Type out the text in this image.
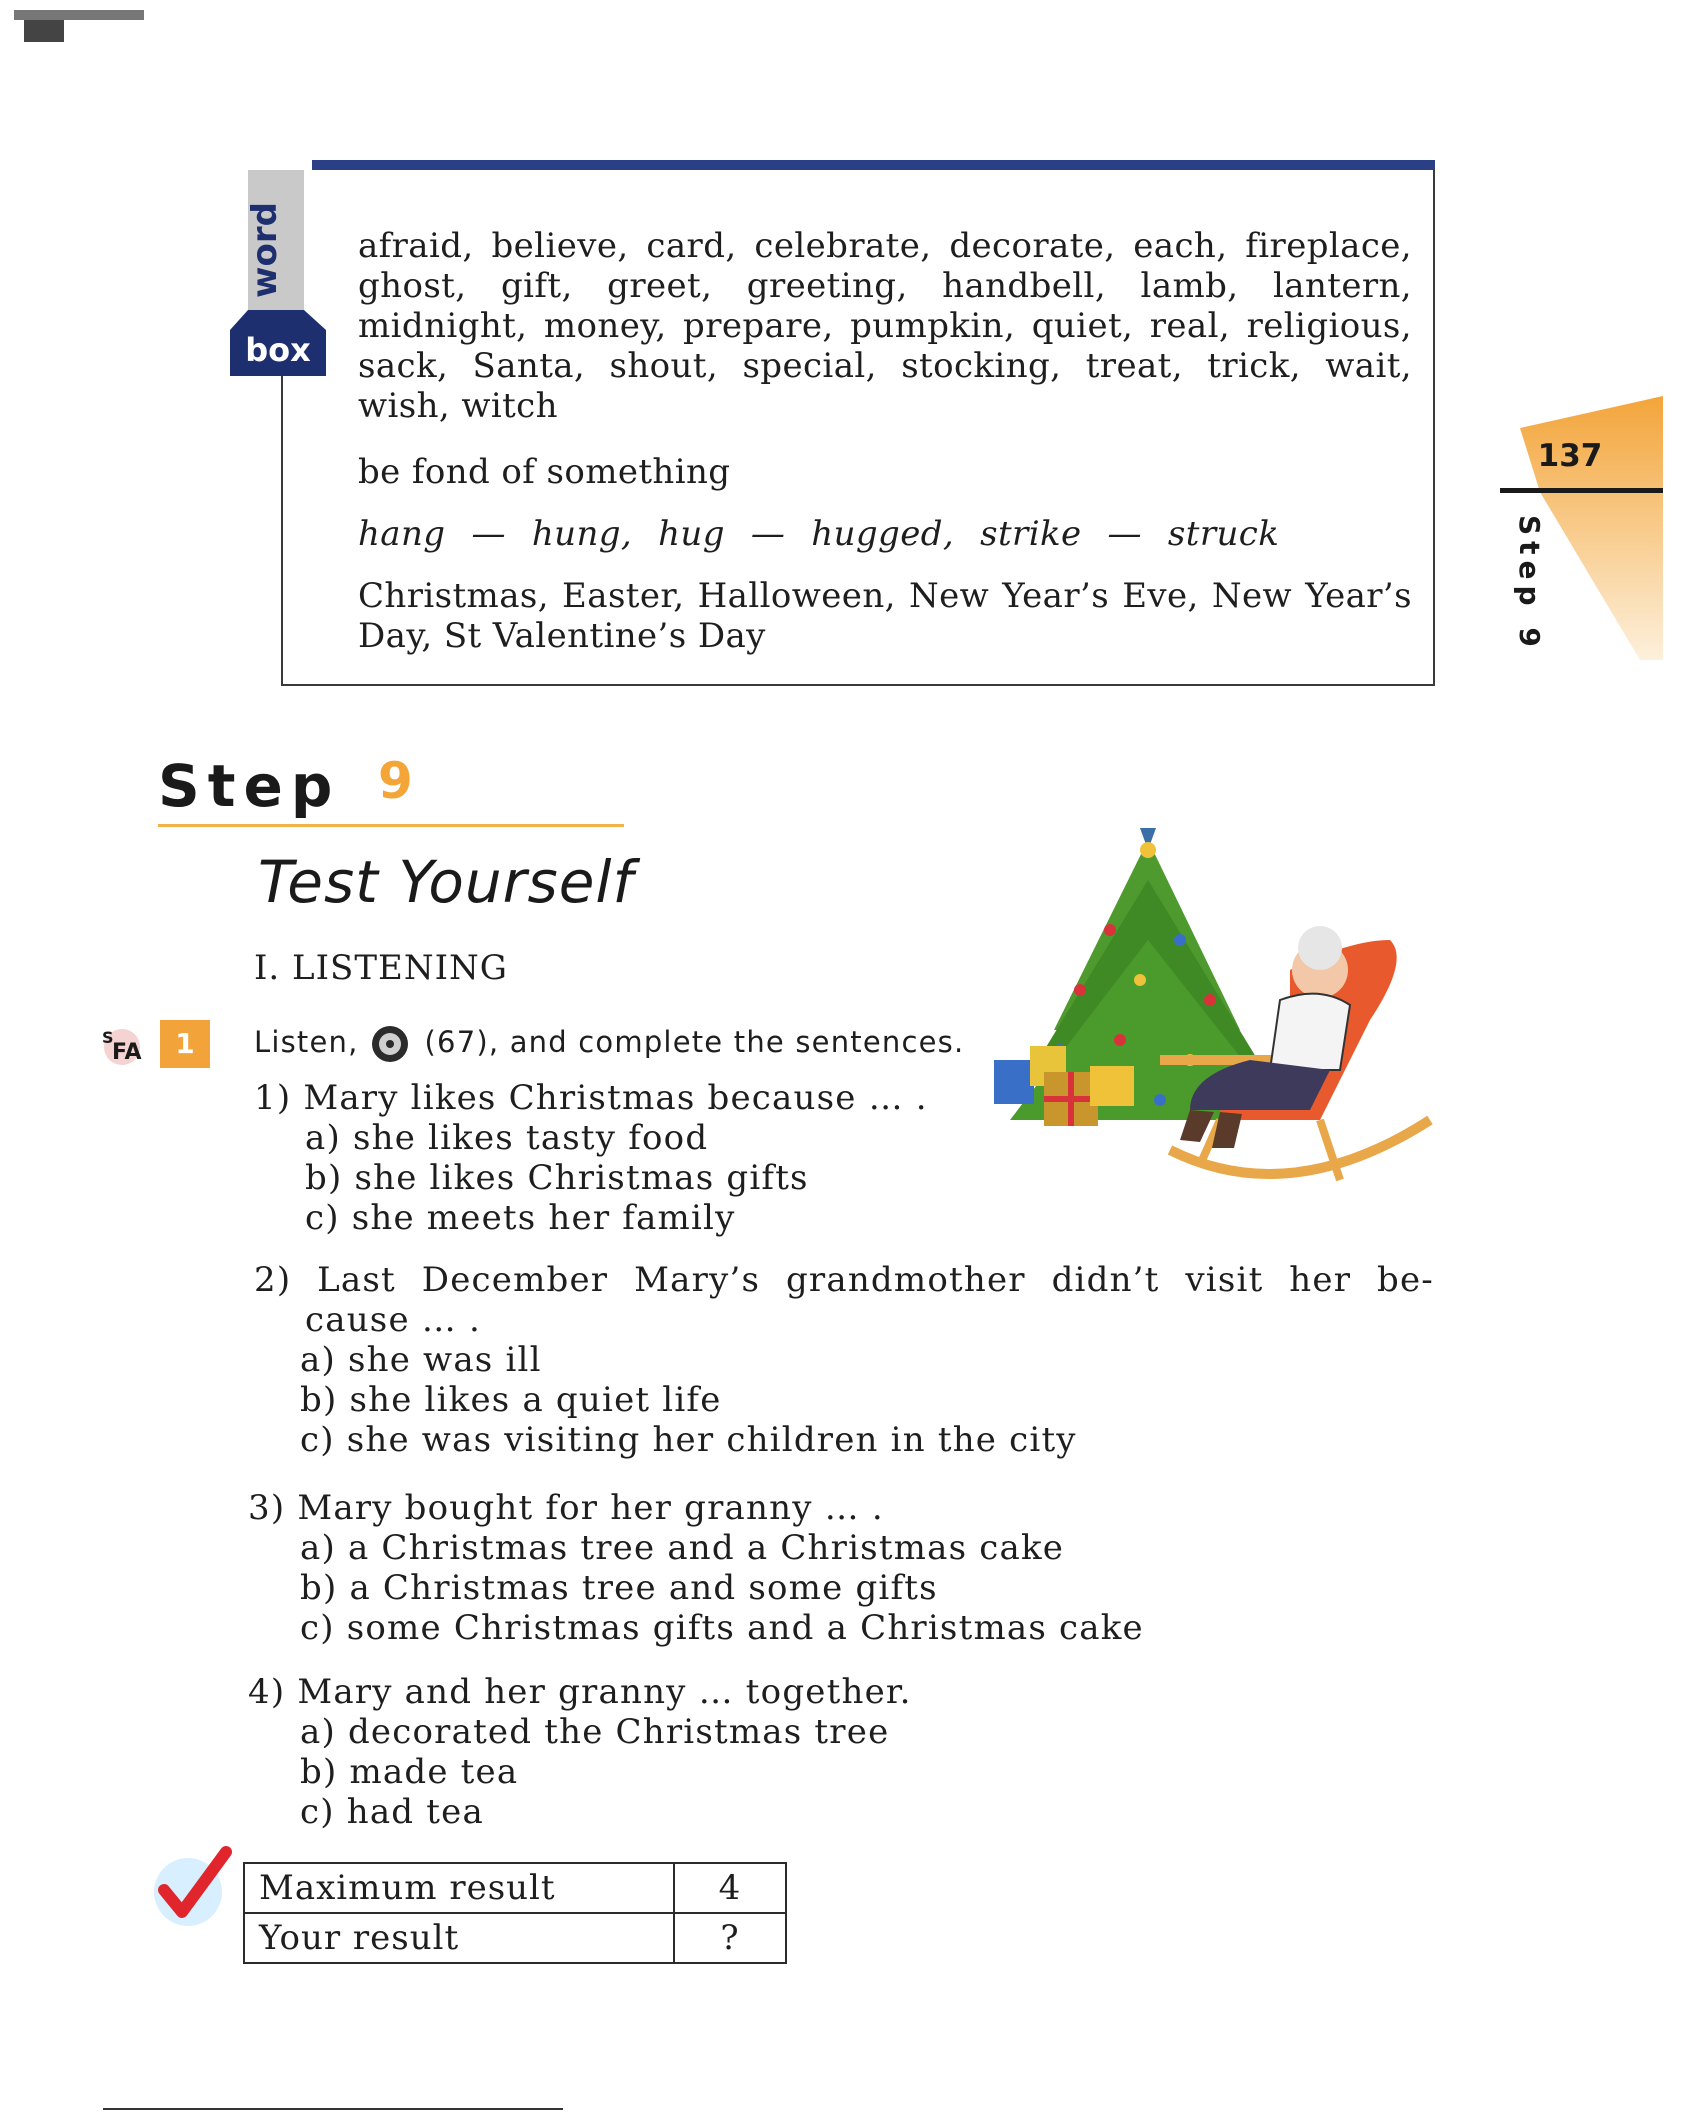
word
box
afraid, believe, card, celebrate, decorate, each, fireplace, ghost, gift, greet, greeting, handbell, lamb, lantern, midnight, money, prepare, pumpkin, quiet, real, religious, sack, Santa, shout, special, stocking, treat, trick, wait, wish, witch
be fond of something
hang — hung, hug — hugged, strike — struck
Christmas, Easter, Halloween, New Year’s Eve, New Year’s Day, St Valentine’s Day
137
Step 9
Step 9
Test Yourself
I. LISTENING
S
FA	1	Listen, (67), and complete the sentences.
1) Mary likes Christmas because … .
a) she likes tasty food
b) she likes Christmas gifts
c) she meets her family
2) Last December Mary’s grandmother didn’t visit her be-
cause … .
a) she was ill
b) she likes a quiet life
c) she was visiting her children in the city
3) Mary bought for her granny … .
a) a Christmas tree and a Christmas cake
b) a Christmas tree and some gifts
c) some Christmas gifts and a Christmas cake
4) Mary and her granny … together.
a) decorated the Christmas tree
b) made tea
c) had tea
Maximum result	4
Your result	?
